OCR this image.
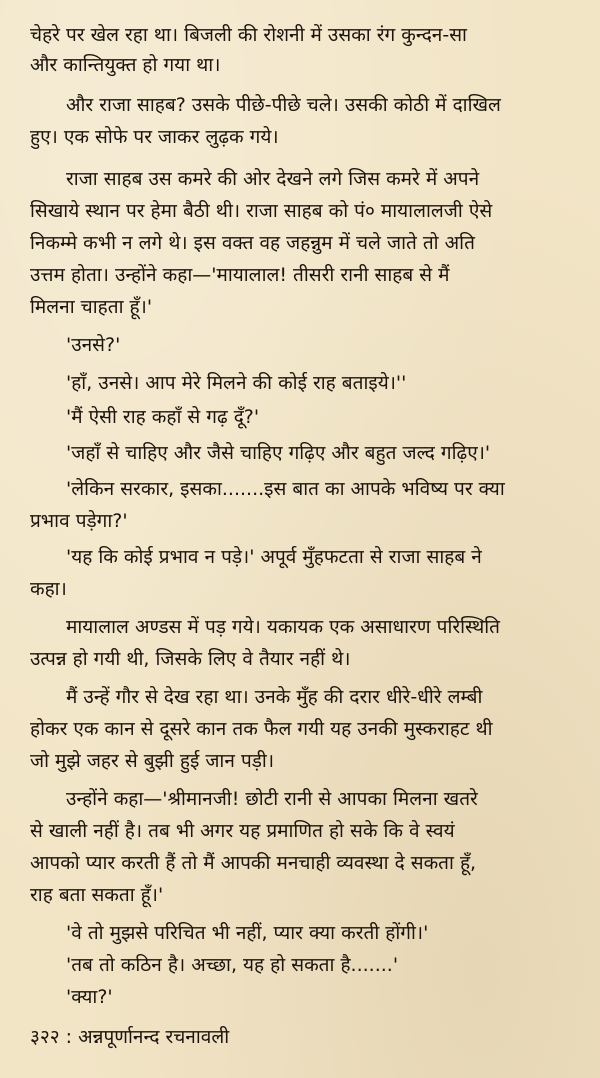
चेहरे पर खेल रहा था। बिजली की रोशनी में उसका रंग कुन्दन-सा
और कान्तियुक्त हो गया था।
और राजा साहब? उसके पीछे-पीछे चले। उसकी कोठी में दाखिल
हुए। एक सोफे पर जाकर लुढ़क गये।
राजा साहब उस कमरे की ओर देखने लगे जिस कमरे में अपने
सिखाये स्थान पर हेमा बैठी थी। राजा साहब को पं० मायालालजी ऐसे
निकम्मे कभी न लगे थे। इस वक्त वह जहन्नुम में चले जाते तो अति
उत्तम होता। उन्होंने कहा—'मायालाल! तीसरी रानी साहब से मैं
मिलना चाहता हूँ।'
'उनसे?'
'हाँ, उनसे। आप मेरे मिलने की कोई राह बताइये।''
'मैं ऐसी राह कहाँ से गढ़ दूँ?'
'जहाँ से चाहिए और जैसे चाहिए गढ़िए और बहुत जल्द गढ़िए।'
'लेकिन सरकार, इसका.......इस बात का आपके भविष्य पर क्या
प्रभाव पड़ेगा?'
'यह कि कोई प्रभाव न पड़े।' अपूर्व मुँहफटता से राजा साहब ने
कहा।
मायालाल अण्डस में पड़ गये। यकायक एक असाधारण परिस्थिति
उत्पन्न हो गयी थी, जिसके लिए वे तैयार नहीं थे।
मैं उन्हें गौर से देख रहा था। उनके मुँह की दरार धीरे-धीरे लम्बी
होकर एक कान से दूसरे कान तक फैल गयी यह उनकी मुस्कराहट थी
जो मुझे जहर से बुझी हुई जान पड़ी।
उन्होंने कहा—'श्रीमानजी! छोटी रानी से आपका मिलना खतरे
से खाली नहीं है। तब भी अगर यह प्रमाणित हो सके कि वे स्वयं
आपको प्यार करती हैं तो मैं आपकी मनचाही व्यवस्था दे सकता हूँ,
राह बता सकता हूँ।'
'वे तो मुझसे परिचित भी नहीं, प्यार क्या करती होंगी।'
'तब तो कठिन है। अच्छा, यह हो सकता है.......'
'क्या?'
३२२ : अन्नपूर्णानन्द रचनावली
